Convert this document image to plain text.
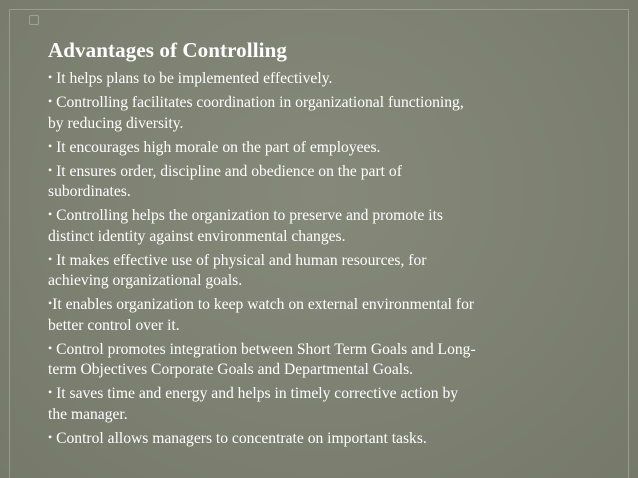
Advantages of Controlling
• It helps plans to be implemented effectively.
• Controlling facilitates coordination in organizational functioning, by reducing diversity.
• It encourages high morale on the part of employees.
• It ensures order, discipline and obedience on the part of subordinates.
• Controlling helps the organization to preserve and promote its distinct identity against environmental changes.
• It makes effective use of physical and human resources, for achieving organizational goals.
•It enables organization to keep watch on external environmental for better control over it.
• Control promotes integration between Short Term Goals and Long-term Objectives Corporate Goals and Departmental Goals.
• It saves time and energy and helps in timely corrective action by the manager.
• Control allows managers to concentrate on important tasks.
